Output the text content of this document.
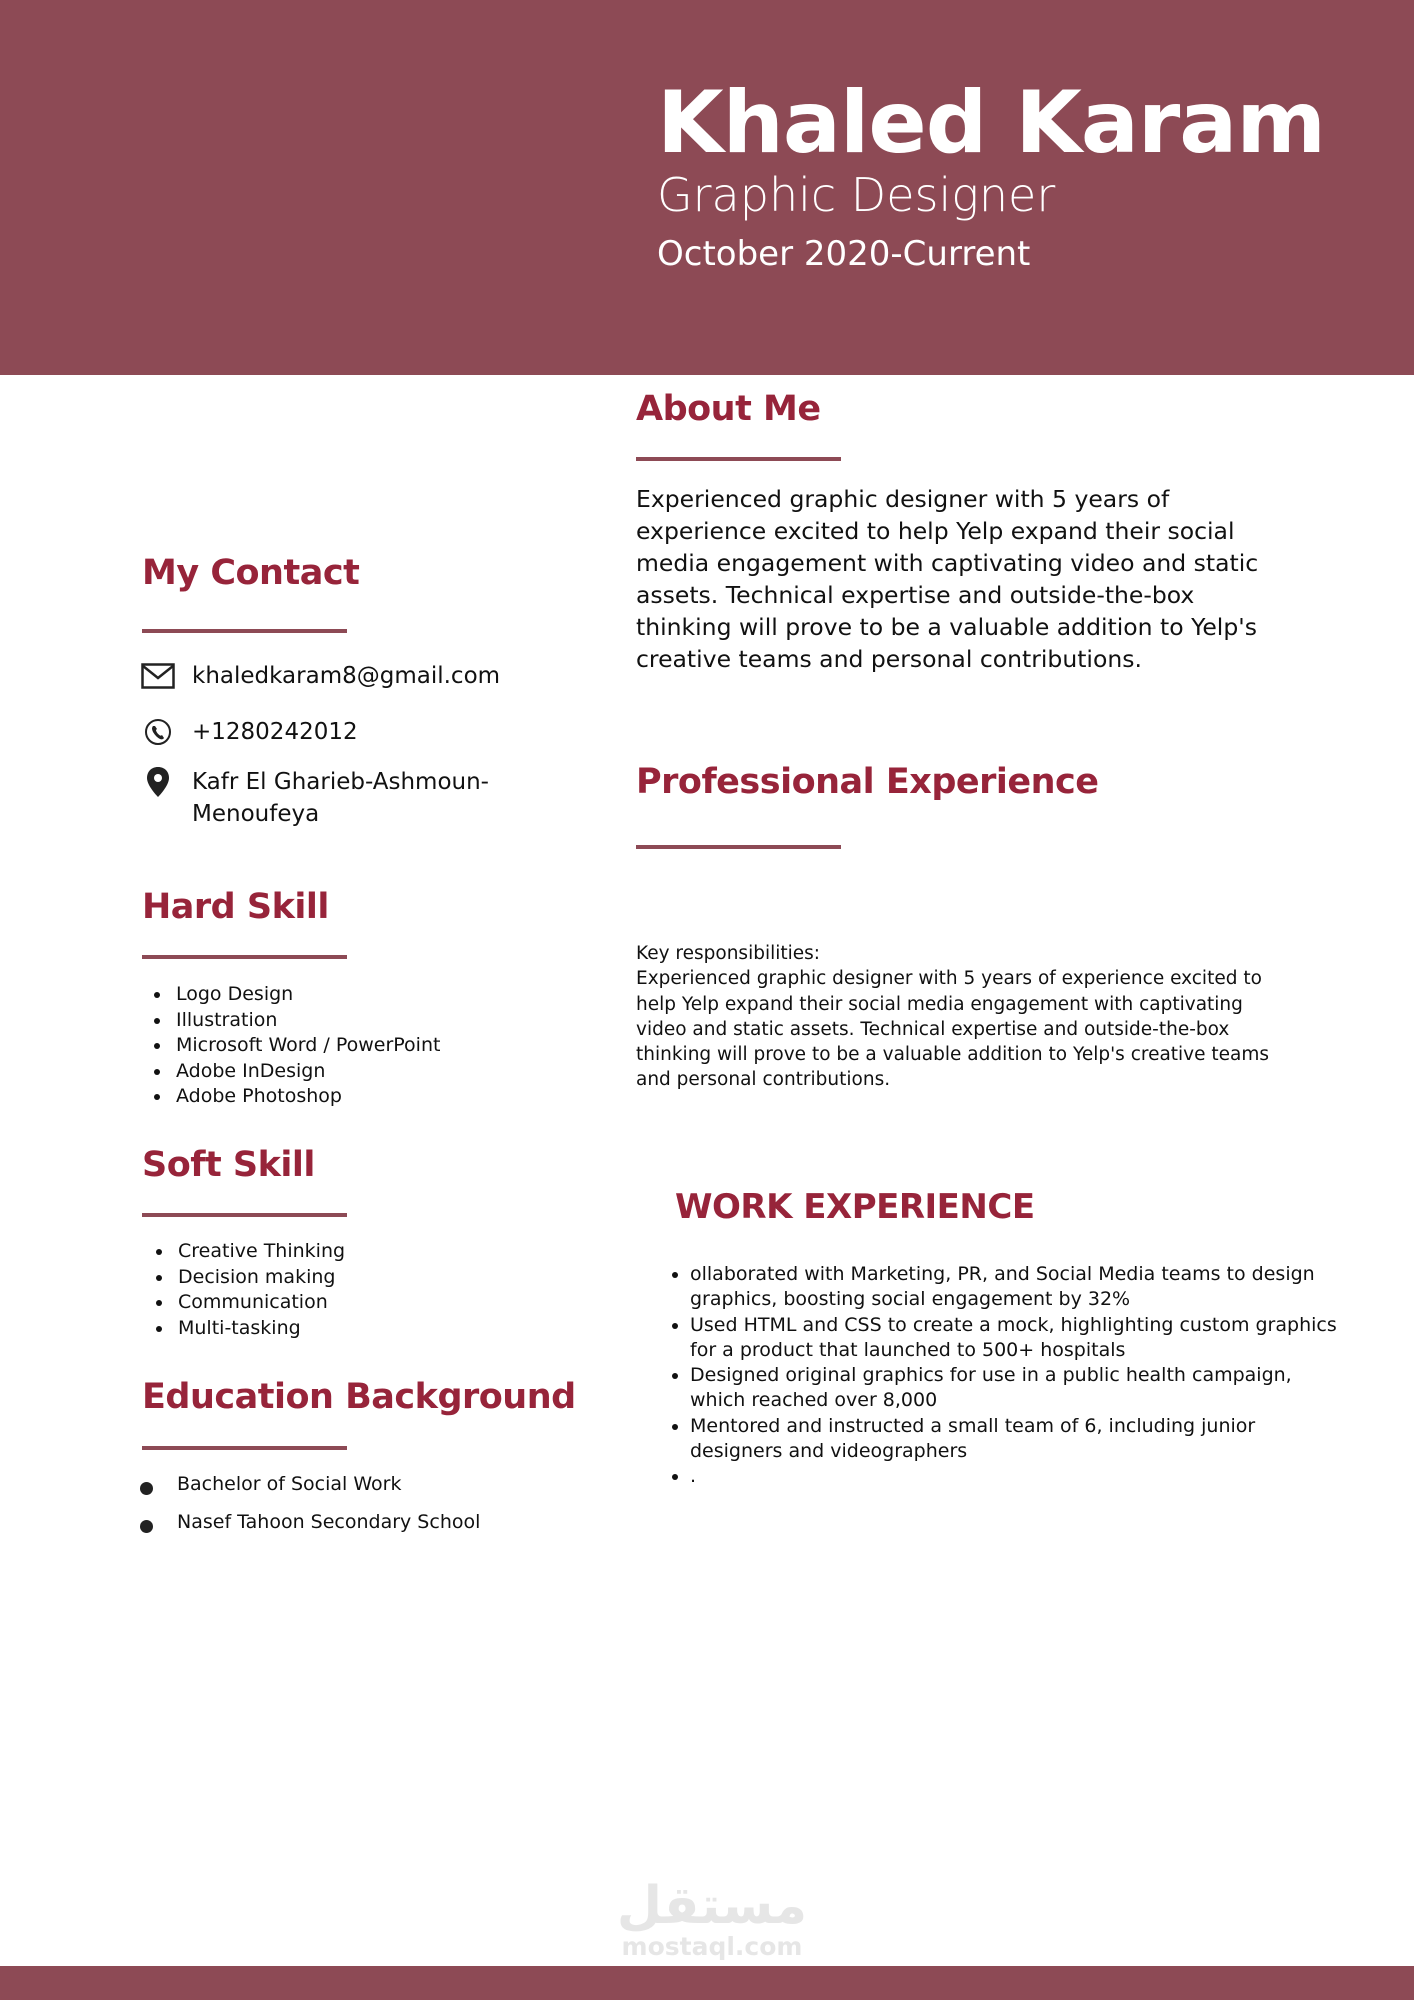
Khaled Karam
Graphic Designer
October 2020-Current
About Me
Experienced graphic designer with 5 years of experience excited to help Yelp expand their social media engagement with captivating video and static assets. Technical expertise and outside-the-box thinking will prove to be a valuable addition to Yelp's creative teams and personal contributions.
Professional Experience
Key responsibilities:
Experienced graphic designer with 5 years of experience excited to help Yelp expand their social media engagement with captivating video and static assets. Technical expertise and outside-the-box thinking will prove to be a valuable addition to Yelp's creative teams and personal contributions.
WORK EXPERIENCE
• ollaborated with Marketing, PR, and Social Media teams to design graphics, boosting social engagement by 32%
• Used HTML and CSS to create a mock, highlighting custom graphics for a product that launched to 500+ hospitals
• Designed original graphics for use in a public health campaign, which reached over 8,000
• Mentored and instructed a small team of 6, including junior designers and videographers
• .
My Contact
khaledkaram8@gmail.com
+1280242012
Kafr El Gharieb-Ashmoun-Menoufeya
Hard Skill
• Logo Design
• Illustration
• Microsoft Word / PowerPoint
• Adobe InDesign
• Adobe Photoshop
Soft Skill
• Creative Thinking
• Decision making
• Communication
• Multi-tasking
Education Background
Bachelor of Social Work
Nasef Tahoon Secondary School
مستقل
mostaql.com
